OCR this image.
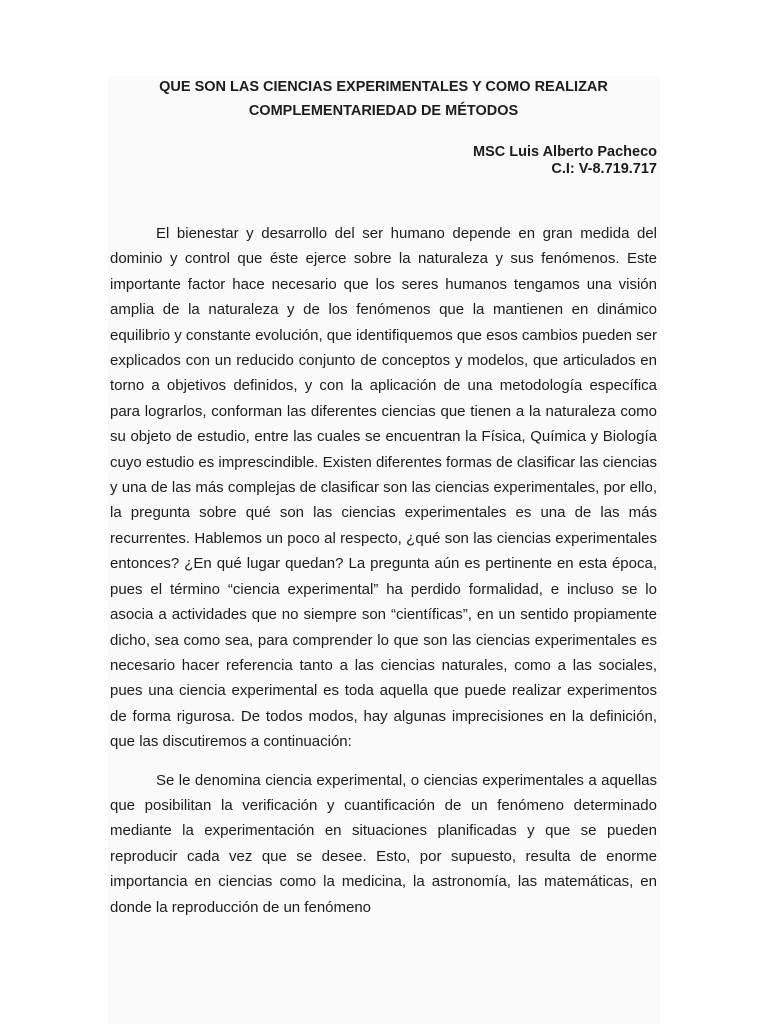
QUE SON LAS CIENCIAS EXPERIMENTALES Y COMO REALIZAR
COMPLEMENTARIEDAD DE MÉTODOS
MSC Luis Alberto Pacheco
C.I: V-8.719.717

El bienestar y desarrollo del ser humano depende en gran medida del dominio y control que éste ejerce sobre la naturaleza y sus fenómenos. Este importante factor hace necesario que los seres humanos tengamos una visión amplia de la naturaleza y de los fenómenos que la mantienen en dinámico equilibrio y constante evolución, que identifiquemos que esos cambios pueden ser explicados con un reducido conjunto de conceptos y modelos, que articulados en torno a objetivos definidos, y con la aplicación de una metodología específica para lograrlos, conforman las diferentes ciencias que tienen a la naturaleza como su objeto de estudio, entre las cuales se encuentran la Física, Química y Biología cuyo estudio es imprescindible. Existen diferentes formas de clasificar las ciencias y una de las más complejas de clasificar son las ciencias experimentales, por ello, la pregunta sobre qué son las ciencias experimentales es una de las más recurrentes. Hablemos un poco al respecto, ¿qué son las ciencias experimentales entonces? ¿En qué lugar quedan? La pregunta aún es pertinente en esta época, pues el término “ciencia experimental” ha perdido formalidad, e incluso se lo asocia a actividades que no siempre son “científicas”, en un sentido propiamente dicho, sea como sea, para comprender lo que son las ciencias experimentales es necesario hacer referencia tanto a las ciencias naturales, como a las sociales, pues una ciencia experimental es toda aquella que puede realizar experimentos de forma rigurosa. De todos modos, hay algunas imprecisiones en la definición, que las discutiremos a continuación:

Se le denomina ciencia experimental, o ciencias experimentales a aquellas que posibilitan la verificación y cuantificación de un fenómeno determinado mediante la experimentación en situaciones planificadas y que se pueden reproducir cada vez que se desee. Esto, por supuesto, resulta de enorme importancia en ciencias como la medicina, la astronomía, las matemáticas, en donde la reproducción de un fenómeno
